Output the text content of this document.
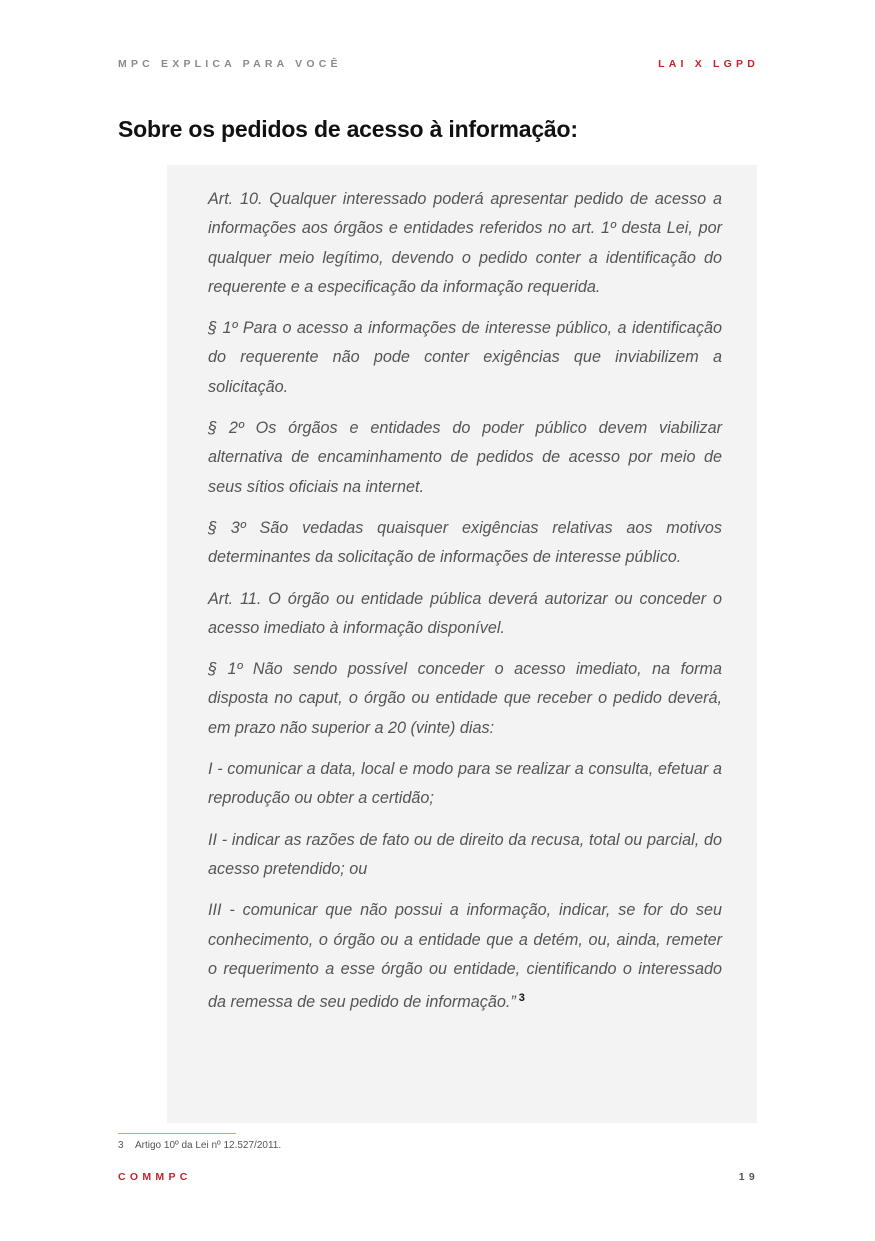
MPC EXPLICA PARA VOCÊ	LAI X LGPD
Sobre os pedidos de acesso à informação:

Art. 10. Qualquer interessado poderá apresentar pedido de acesso a informações aos órgãos e entidades referidos no art. 1º desta Lei, por qualquer meio legítimo, devendo o pedido conter a identificação do requerente e a especificação da informação requerida.

§ 1º Para o acesso a informações de interesse público, a identificação do requerente não pode conter exigências que inviabilizem a solicitação.

§ 2º Os órgãos e entidades do poder público devem viabilizar alternativa de encaminhamento de pedidos de acesso por meio de seus sítios oficiais na internet.

§ 3º São vedadas quaisquer exigências relativas aos motivos determinantes da solicitação de informações de interesse público.

Art. 11. O órgão ou entidade pública deverá autorizar ou conceder o acesso imediato à informação disponível.

§ 1º Não sendo possível conceder o acesso imediato, na forma disposta no caput, o órgão ou entidade que receber o pedido deverá, em prazo não superior a 20 (vinte) dias:

I - comunicar a data, local e modo para se realizar a consulta, efetuar a reprodução ou obter a certidão;

II - indicar as razões de fato ou de direito da recusa, total ou parcial, do acesso pretendido; ou

III - comunicar que não possui a informação, indicar, se for do seu conhecimento, o órgão ou a entidade que a detém, ou, ainda, remeter o requerimento a esse órgão ou entidade, cientificando o interessado da remessa de seu pedido de informação.” $^3$

3 Artigo 10º da Lei nº 12.527/2011.
COMMPC	19
